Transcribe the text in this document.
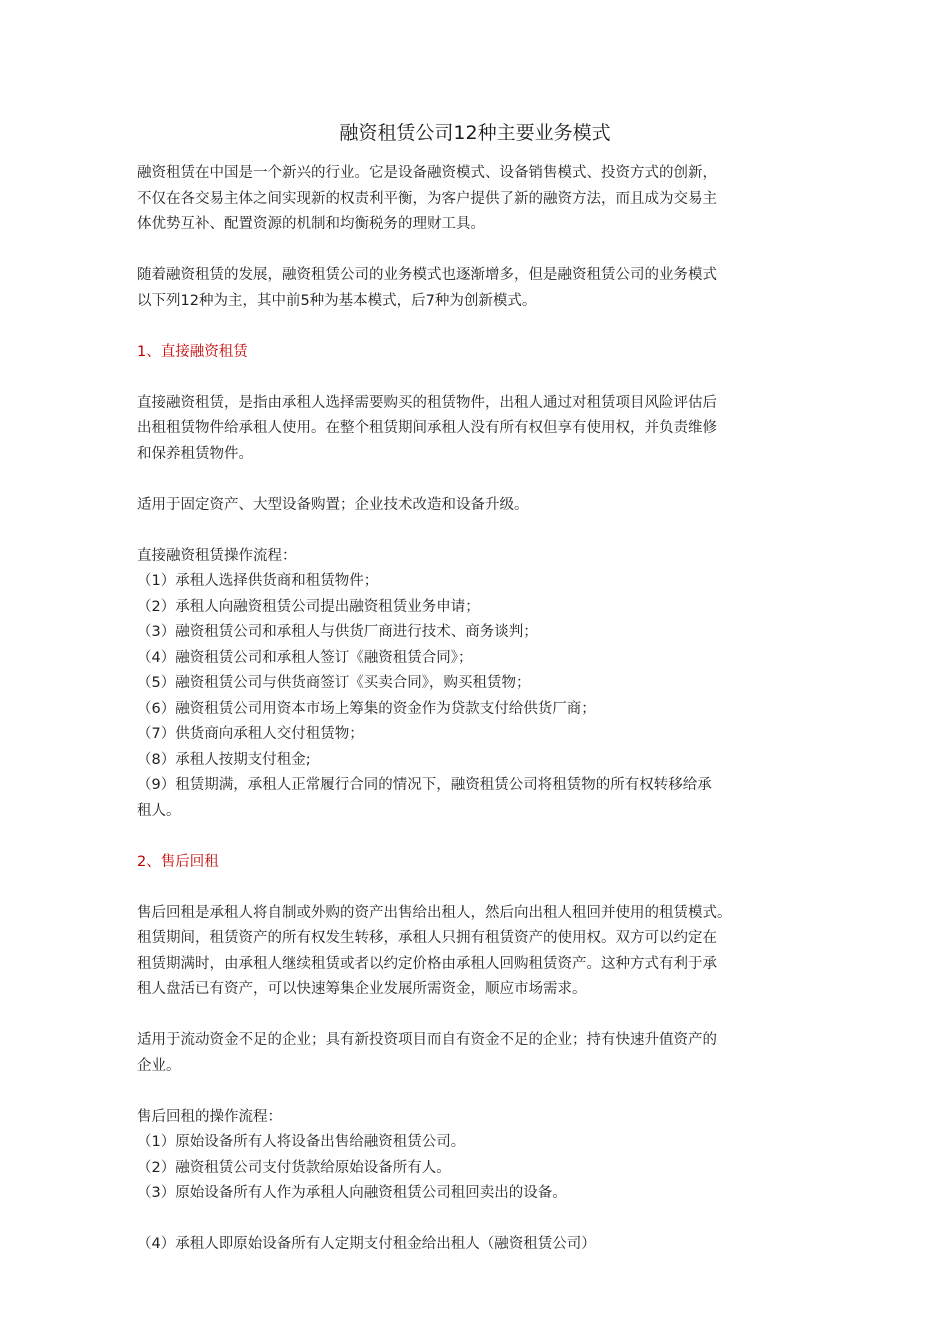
融资租赁公司12种主要业务模式

融资租赁在中国是一个新兴的行业。它是设备融资模式、设备销售模式、投资方式的创新，

不仅在各交易主体之间实现新的权责利平衡，为客户提供了新的融资方法，而且成为交易主

体优势互补、配置资源的机制和均衡税务的理财工具。

随着融资租赁的发展，融资租赁公司的业务模式也逐渐增多，但是融资租赁公司的业务模式

以下列12种为主，其中前5种为基本模式，后7种为创新模式。

1、直接融资租赁

直接融资租赁，是指由承租人选择需要购买的租赁物件，出租人通过对租赁项目风险评估后

出租租赁物件给承租人使用。在整个租赁期间承租人没有所有权但享有使用权，并负责维修

和保养租赁物件。

适用于固定资产、大型设备购置；企业技术改造和设备升级。

直接融资租赁操作流程：

（1）承租人选择供货商和租赁物件；

（2）承租人向融资租赁公司提出融资租赁业务申请；

（3）融资租赁公司和承租人与供货厂商进行技术、商务谈判；

（4）融资租赁公司和承租人签订《融资租赁合同》；

（5）融资租赁公司与供货商签订《买卖合同》，购买租赁物；

（6）融资租赁公司用资本市场上筹集的资金作为贷款支付给供货厂商；

（7）供货商向承租人交付租赁物；

（8）承租人按期支付租金;

（9）租赁期满，承租人正常履行合同的情况下，融资租赁公司将租赁物的所有权转移给承

租人。

2、售后回租

售后回租是承租人将自制或外购的资产出售给出租人，然后向出租人租回并使用的租赁模式。

租赁期间，租赁资产的所有权发生转移，承租人只拥有租赁资产的使用权。双方可以约定在

租赁期满时，由承租人继续租赁或者以约定价格由承租人回购租赁资产。这种方式有利于承

租人盘活已有资产，可以快速筹集企业发展所需资金，顺应市场需求。

适用于流动资金不足的企业；具有新投资项目而自有资金不足的企业；持有快速升值资产的

企业。

售后回租的操作流程：

（1）原始设备所有人将设备出售给融资租赁公司。

（2）融资租赁公司支付货款给原始设备所有人。

（3）原始设备所有人作为承租人向融资租赁公司租回卖出的设备。

（4）承租人即原始设备所有人定期支付租金给出租人（融资租赁公司）
